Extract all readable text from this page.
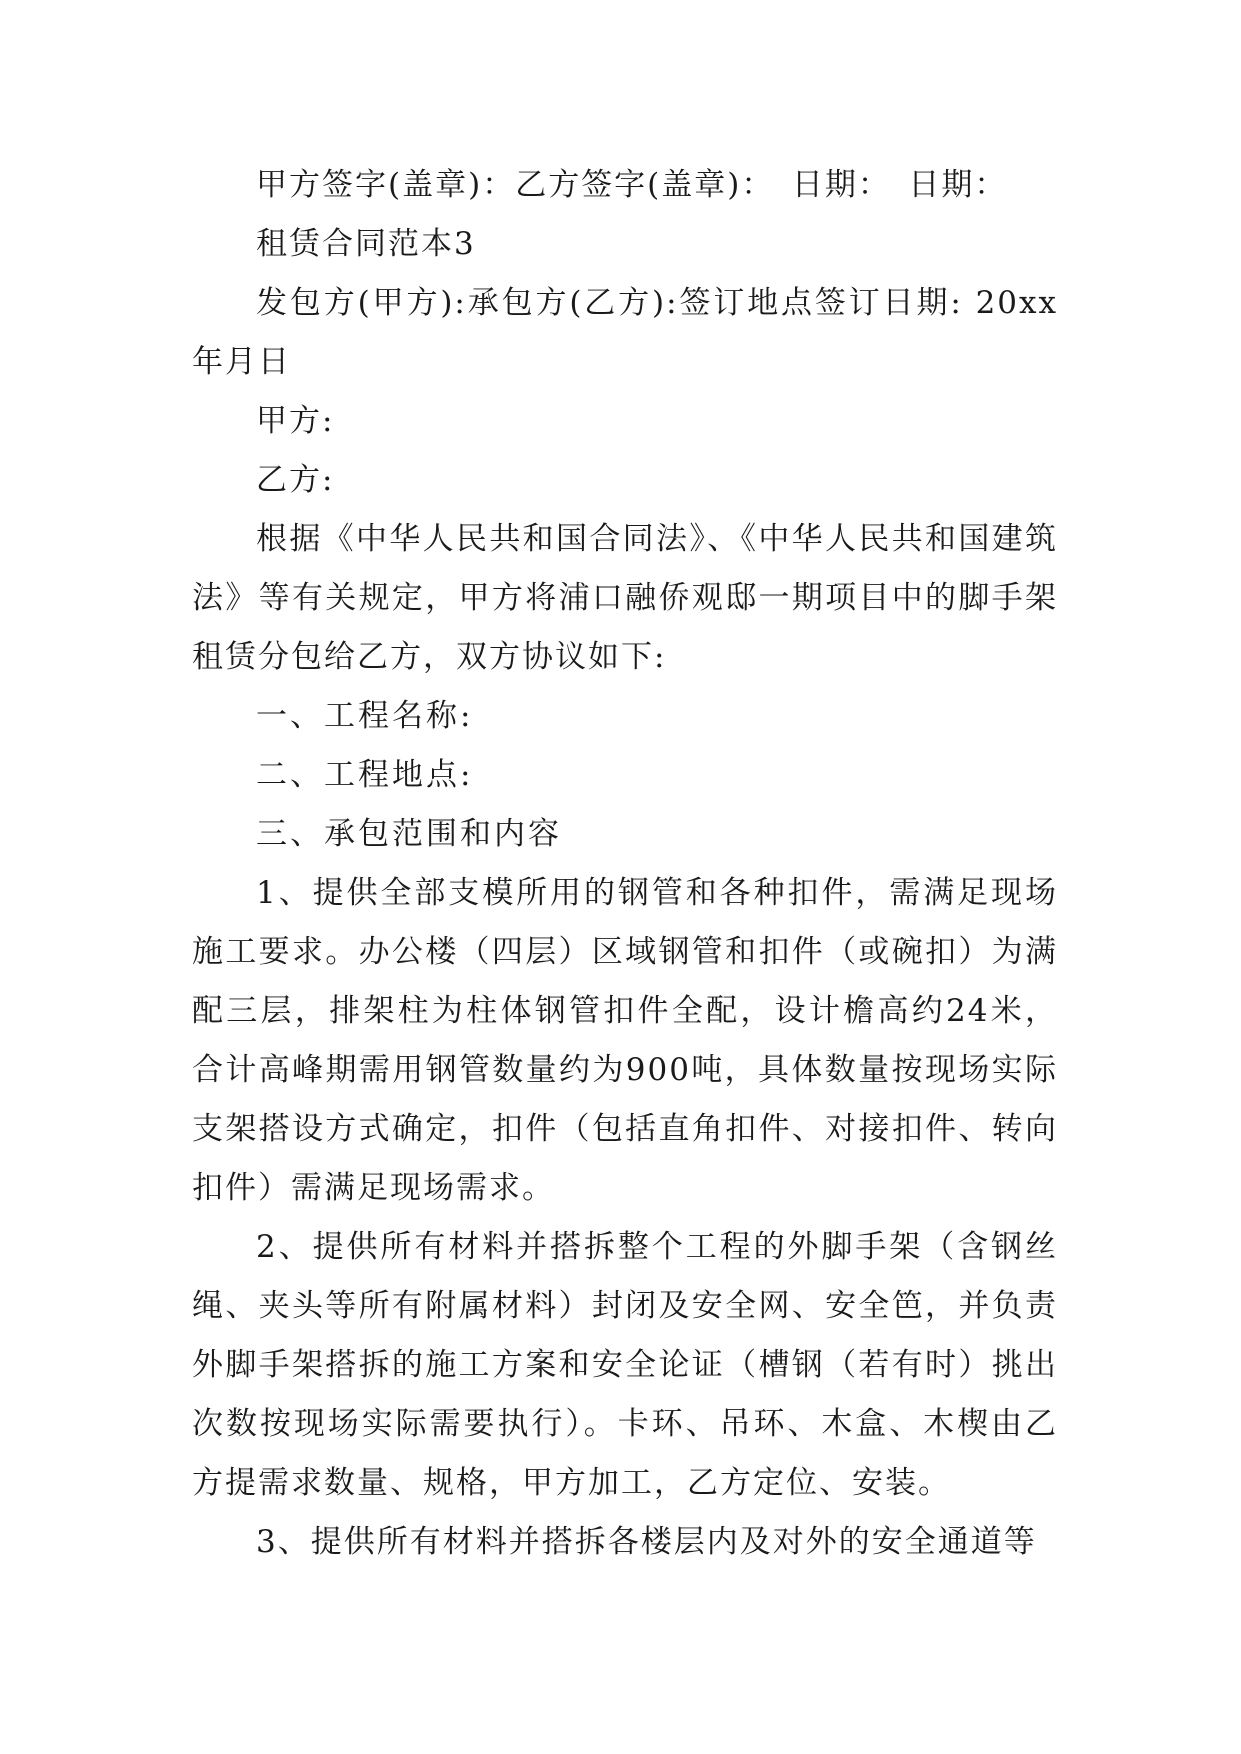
甲方签字(盖章)：乙方签字(盖章)：　日期：　日期：

租赁合同范本3

发包方(甲方):承包方(乙方):签订地点签订日期: 20xx年月日

甲方:

乙方:

根据《中华人民共和国合同法》、《中华人民共和国建筑法》等有关规定，甲方将浦口融侨观邸一期项目中的脚手架租赁分包给乙方，双方协议如下:

一、工程名称:

二、工程地点:

三、承包范围和内容

1、提供全部支模所用的钢管和各种扣件，需满足现场施工要求。办公楼（四层）区域钢管和扣件（或碗扣）为满配三层，排架柱为柱体钢管扣件全配，设计檐高约24米，合计高峰期需用钢管数量约为900吨，具体数量按现场实际支架搭设方式确定，扣件（包括直角扣件、对接扣件、转向扣件）需满足现场需求。

2、提供所有材料并搭拆整个工程的外脚手架（含钢丝绳、夹头等所有附属材料）封闭及安全网、安全笆，并负责外脚手架搭拆的施工方案和安全论证（槽钢（若有时）挑出次数按现场实际需要执行）。卡环、吊环、木盒、木楔由乙方提需求数量、规格，甲方加工，乙方定位、安装。

3、提供所有材料并搭拆各楼层内及对外的安全通道等
